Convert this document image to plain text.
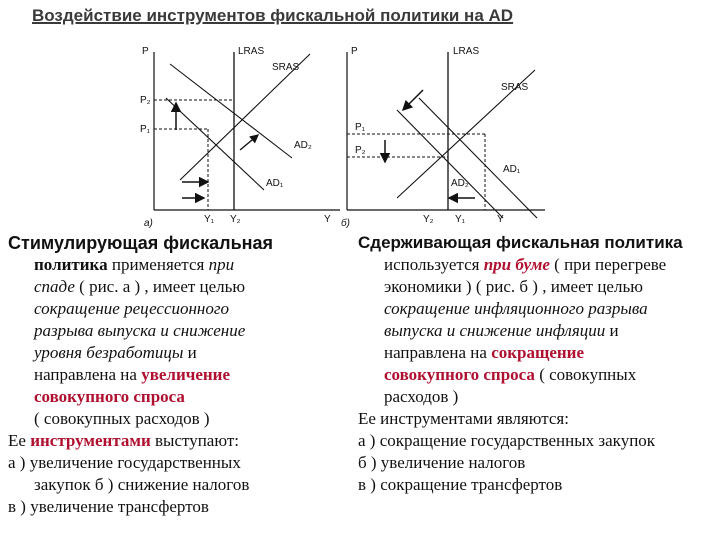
Воздействие инструментов фискальной политики на AD
P
P₂
P₁
LRAS
SRAS
AD₂
AD₁
Y₁ Y₂	Y
а)
P
P₁
P₂
LRAS
SRAS
AD₁
AD₂
Y₂ Y₁	Y
б)

Стимулирующая фискальная

политика применяется при

спаде ( рис. а ) , имеет целью

сокращение рецессионного

разрыва выпуска и снижение

уровня безработицы и

направлена на увеличение

совокупного спроса

( совокупных расходов )

Ее инструментами выступают:

а ) увеличение государственных

закупок б ) снижение налогов

в ) увеличение трансфертов

Сдерживающая фискальная политика

используется при буме ( при перегреве

экономики ) ( рис. б ) , имеет целью

сокращение инфляционного разрыва

выпуска и снижение инфляции и

направлена на сокращение

совокупного спроса ( совокупных

расходов )

Ее инструментами являются:

а ) сокращение государственных закупок

б ) увеличение налогов

в ) сокращение трансфертов
